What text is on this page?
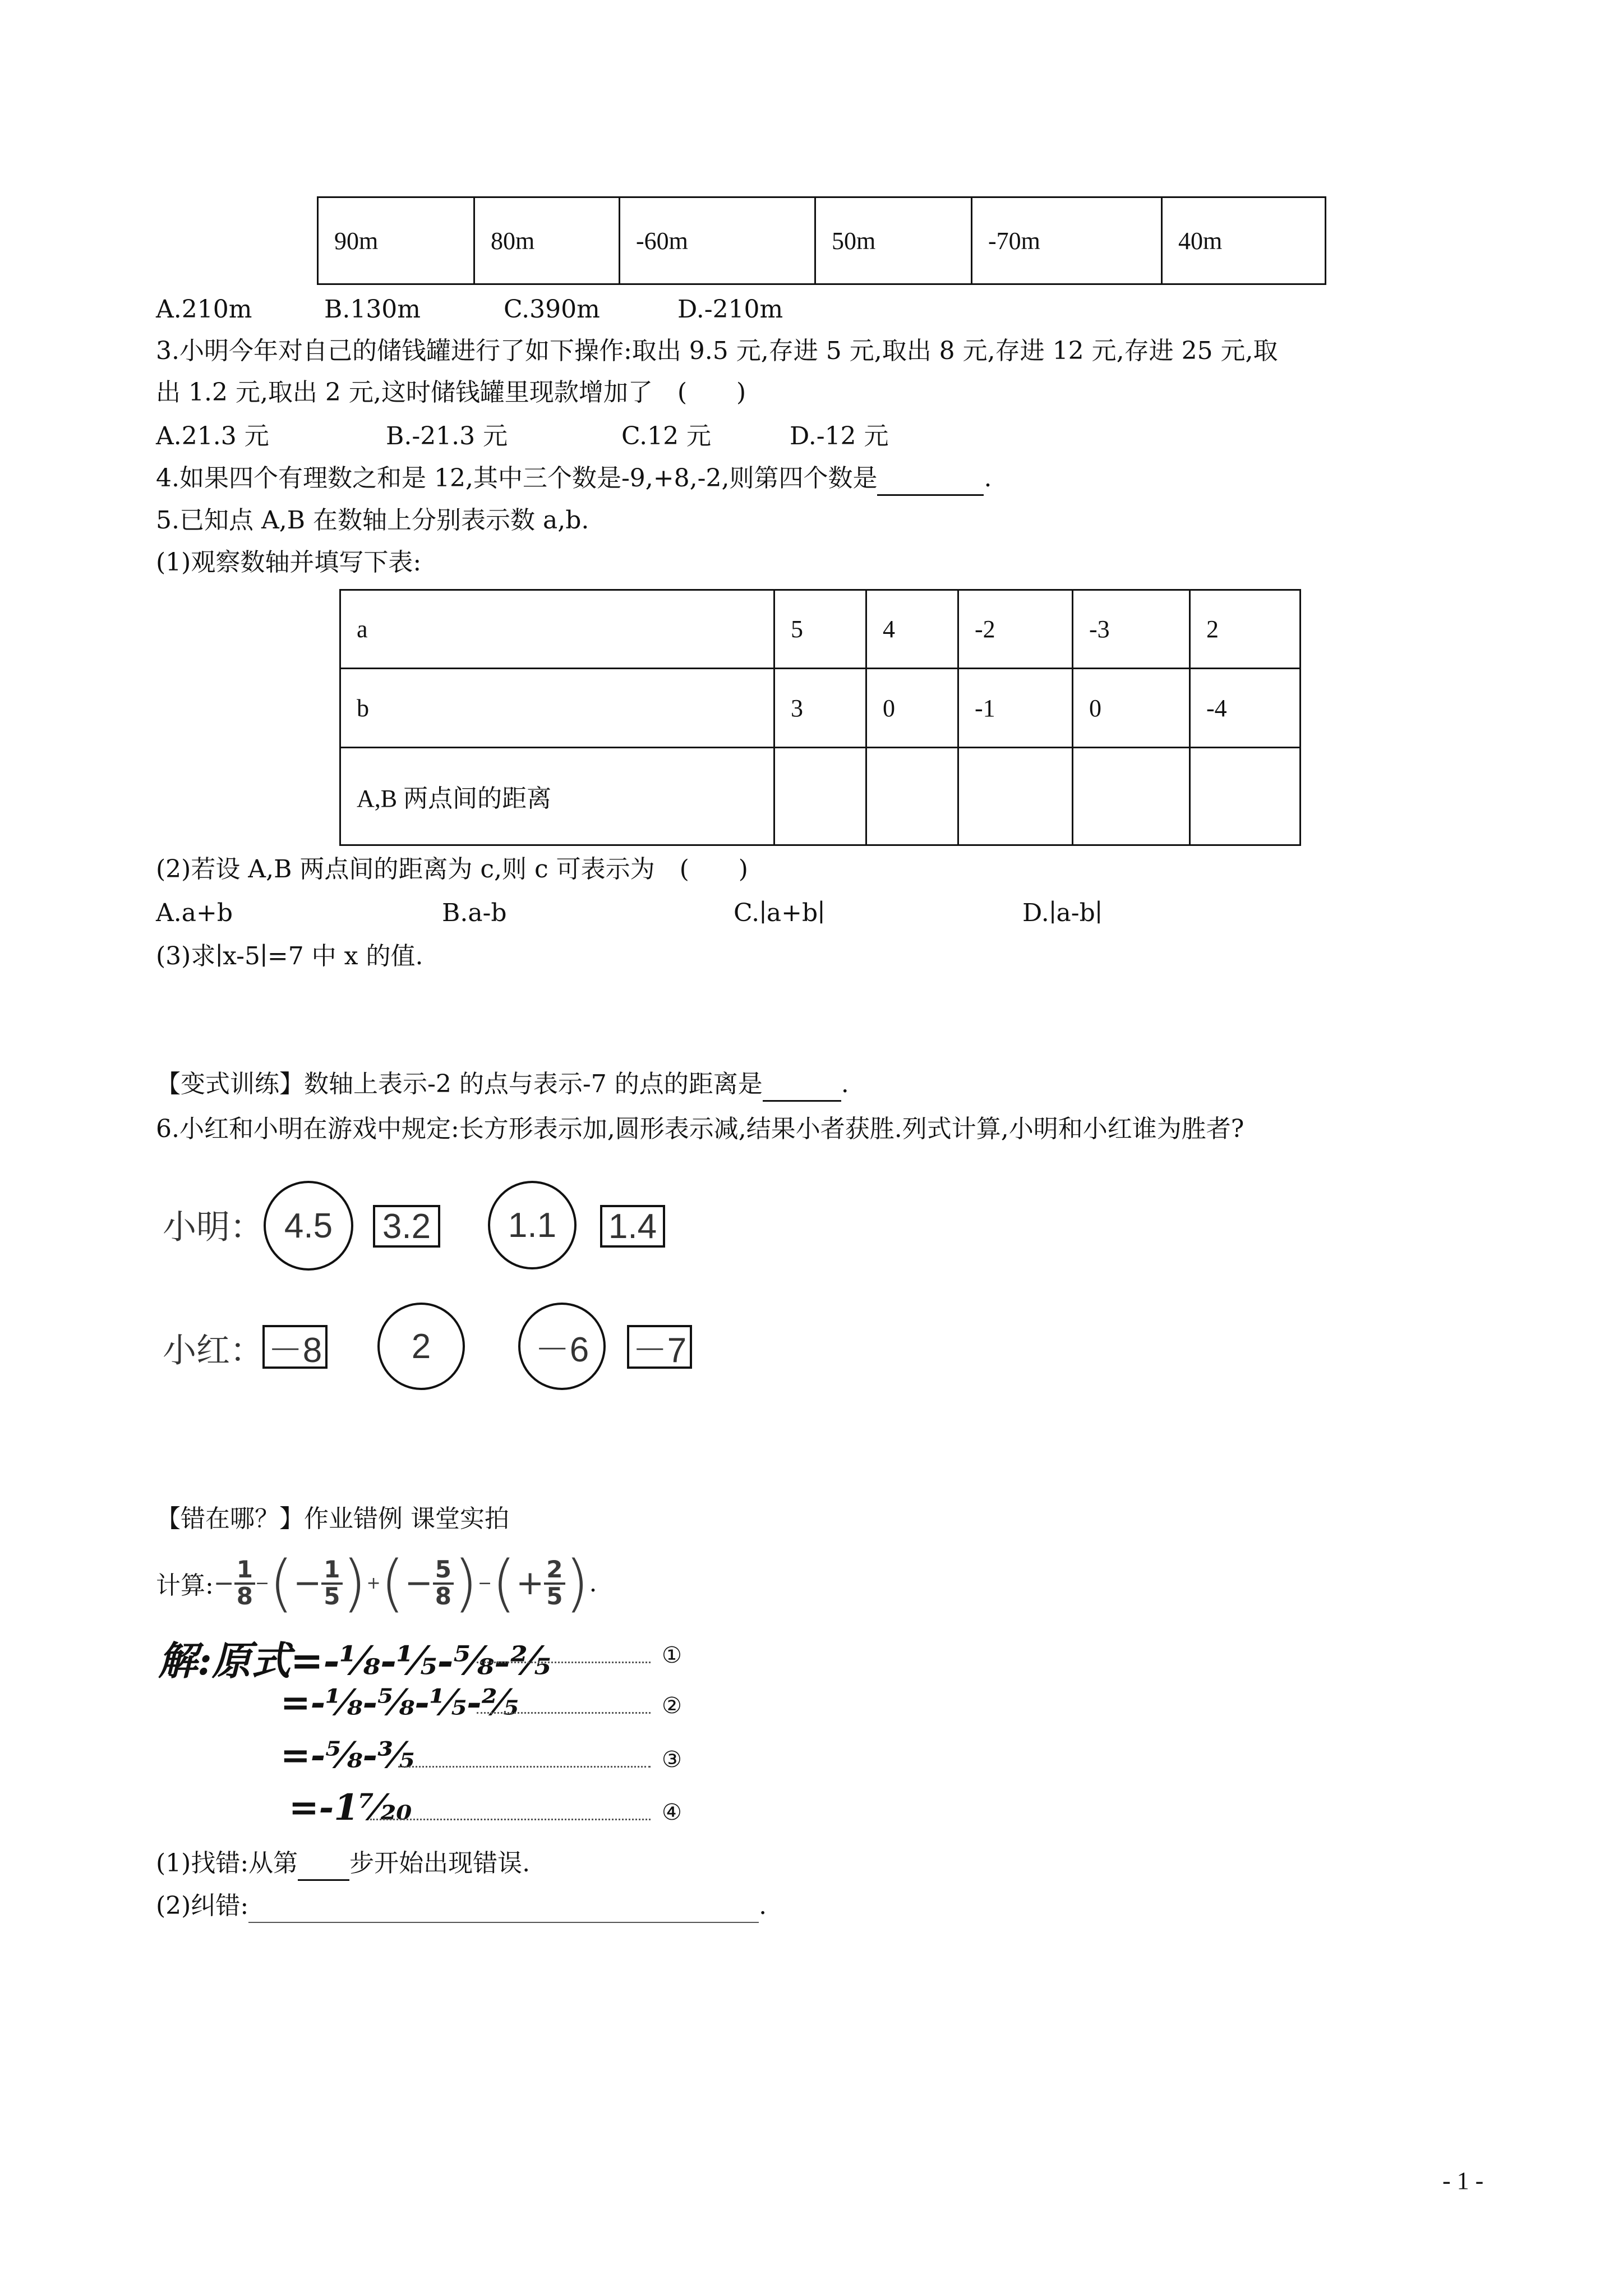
90m	80m	-60m	50m	-70m	40m
A.210m	B.130m	C.390m	D.-210m
3.小明今年对自己的储钱罐进行了如下操作:取出 9.5 元,存进 5 元,取出 8 元,存进 12 元,存进 25 元,取
出 1.2 元,取出 2 元,这时储钱罐里现款增加了　(　　)
A.21.3 元	B.-21.3 元	C.12 元	D.-12 元
4.如果四个有理数之和是 12,其中三个数是-9,+8,-2,则第四个数是	.
5.已知点 A,B 在数轴上分别表示数 a,b.
(1)观察数轴并填写下表:
a	5	4	-2	-3	2
b	3	0	-1	0	-4
A,B 两点间的距离					
(2)若设 A,B 两点间的距离为 c,则 c 可表示为　(　　)
A.a+b	B.a-b	C.∣a+b∣	D.∣a-b∣
(3)求∣x-5∣=7 中 x 的值.
【变式训练】数轴上表示-2 的点与表示-7 的点的距离是	.
6.小红和小明在游戏中规定:长方形表示加,圆形表示减,结果小者获胜.列式计算,小明和小红谁为胜者?
小明： 4.5	3.2	1.1	1.4
小红： －8	2	－6	－7
【错在哪？】作业错例 课堂实拍
计算: − $\frac{1}{8}$ − ( − $\frac{1}{5}$ ) + ( − $\frac{5}{8}$ ) − ( + $\frac{2}{5}$ ) .
解:原式=-⅛-⅕-⅝-⅖	①
=-⅛-⅝-⅕-⅖	②
=-⅝-⅗	③
=-1⁷⁄₂₀	④
(1)找错:从第 步开始出现错误.
(2)纠错:	.
- 1 -
